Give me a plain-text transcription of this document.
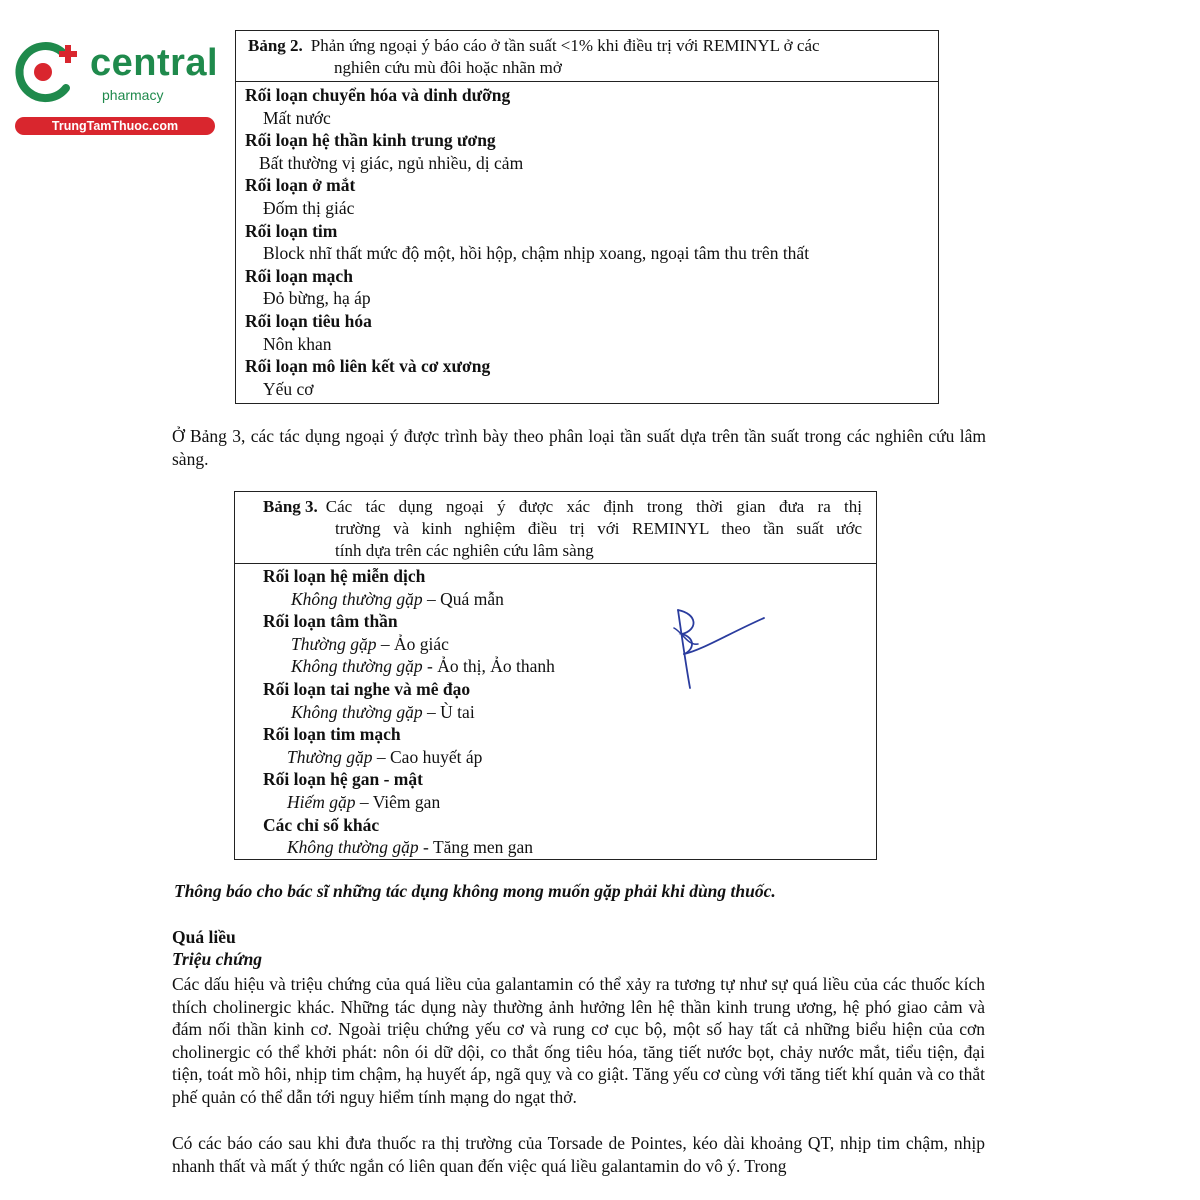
central
pharmacy
TrungTamThuoc.com
Bảng 2. Phản ứng ngoại ý báo cáo ở tần suất <1% khi điều trị với REMINYL ở các
nghiên cứu mù đôi hoặc nhãn mở
Rối loạn chuyển hóa và dinh dưỡng
Mất nước
Rối loạn hệ thần kinh trung ương
Bất thường vị giác, ngủ nhiều, dị cảm
Rối loạn ở mắt
Đốm thị giác
Rối loạn tim
Block nhĩ thất mức độ một, hồi hộp, chậm nhịp xoang, ngoại tâm thu trên thất
Rối loạn mạch
Đỏ bừng, hạ áp
Rối loạn tiêu hóa
Nôn khan
Rối loạn mô liên kết và cơ xương
Yếu cơ
Ở Bảng 3, các tác dụng ngoại ý được trình bày theo phân loại tần suất dựa trên tần suất trong các nghiên cứu lâm sàng.
Bảng 3. Các tác dụng ngoại ý được xác định trong thời gian đưa ra thị
trường và kinh nghiệm điều trị với REMINYL theo tần suất ước
tính dựa trên các nghiên cứu lâm sàng
Rối loạn hệ miễn dịch
Không thường gặp – Quá mẫn
Rối loạn tâm thần
Thường gặp – Ảo giác
Không thường gặp - Ảo thị, Ảo thanh
Rối loạn tai nghe và mê đạo
Không thường gặp – Ù tai
Rối loạn tim mạch
Thường gặp – Cao huyết áp
Rối loạn hệ gan - mật
Hiếm gặp – Viêm gan
Các chỉ số khác
Không thường gặp - Tăng men gan
Thông báo cho bác sĩ những tác dụng không mong muốn gặp phải khi dùng thuốc.
Quá liều
Triệu chứng
Các dấu hiệu và triệu chứng của quá liều của galantamin có thể xảy ra tương tự như sự quá liều của các thuốc kích thích cholinergic khác. Những tác dụng này thường ảnh hưởng lên hệ thần kinh trung ương, hệ phó giao cảm và đám nối thần kinh cơ. Ngoài triệu chứng yếu cơ và rung cơ cục bộ, một số hay tất cả những biểu hiện của cơn cholinergic có thể khởi phát: nôn ói dữ dội, co thắt ống tiêu hóa, tăng tiết nước bọt, chảy nước mắt, tiểu tiện, đại tiện, toát mồ hôi, nhịp tim chậm, hạ huyết áp, ngã quỵ và co giật. Tăng yếu cơ cùng với tăng tiết khí quản và co thắt phế quản có thể dẫn tới nguy hiểm tính mạng do ngạt thở.
Có các báo cáo sau khi đưa thuốc ra thị trường của Torsade de Pointes, kéo dài khoảng QT, nhịp tim chậm, nhịp nhanh thất và mất ý thức ngắn có liên quan đến việc quá liều galantamin do vô ý. Trong
